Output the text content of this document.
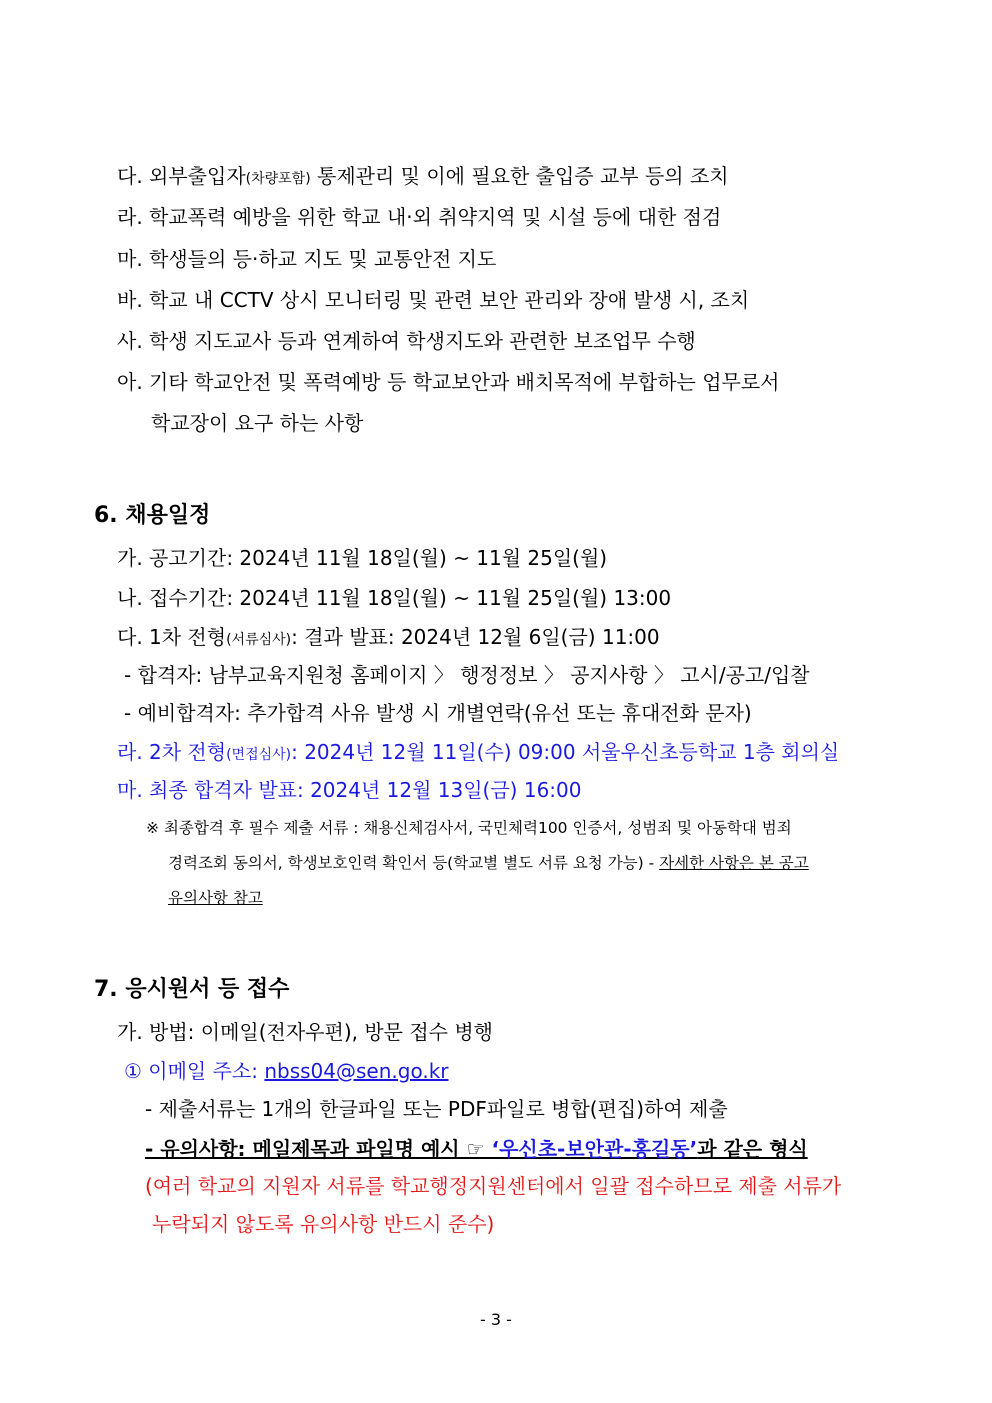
다. 외부출입자(차량포함) 통제관리 및 이에 필요한 출입증 교부 등의 조치
라. 학교폭력 예방을 위한 학교 내·외 취약지역 및 시설 등에 대한 점검
마. 학생들의 등·하교 지도 및 교통안전 지도
바. 학교 내 CCTV 상시 모니터링 및 관련 보안 관리와 장애 발생 시, 조치
사. 학생 지도교사 등과 연계하여 학생지도와 관련한 보조업무 수행
아. 기타 학교안전 및 폭력예방 등 학교보안과 배치목적에 부합하는 업무로서
학교장이 요구 하는 사항
6. 채용일정
가. 공고기간: 2024년 11월 18일(월) ~ 11월 25일(월)
나. 접수기간: 2024년 11월 18일(월) ~ 11월 25일(월) 13:00
다. 1차 전형(서류심사): 결과 발표: 2024년 12월 6일(금) 11:00
- 합격자: 남부교육지원청 홈페이지 〉 행정정보 〉 공지사항 〉 고시/공고/입찰
- 예비합격자: 추가합격 사유 발생 시 개별연락(유선 또는 휴대전화 문자)
라. 2차 전형(면접심사): 2024년 12월 11일(수) 09:00 서울우신초등학교 1층 회의실
마. 최종 합격자 발표: 2024년 12월 13일(금) 16:00
※ 최종합격 후 필수 제출 서류 : 채용신체검사서, 국민체력100 인증서, 성범죄 및 아동학대 범죄
경력조회 동의서, 학생보호인력 확인서 등(학교별 별도 서류 요청 가능) - 자세한 사항은 본 공고
유의사항 참고
7. 응시원서 등 접수
가. 방법: 이메일(전자우편), 방문 접수 병행
① 이메일 주소: nbss04@sen.go.kr
- 제출서류는 1개의 한글파일 또는 PDF파일로 병합(편집)하여 제출
- 유의사항: 메일제목과 파일명 예시 ☞ ‘우신초-보안관-홍길동’과 같은 형식
(여러 학교의 지원자 서류를 학교행정지원센터에서 일괄 접수하므로 제출 서류가
누락되지 않도록 유의사항 반드시 준수)
- 3 -
